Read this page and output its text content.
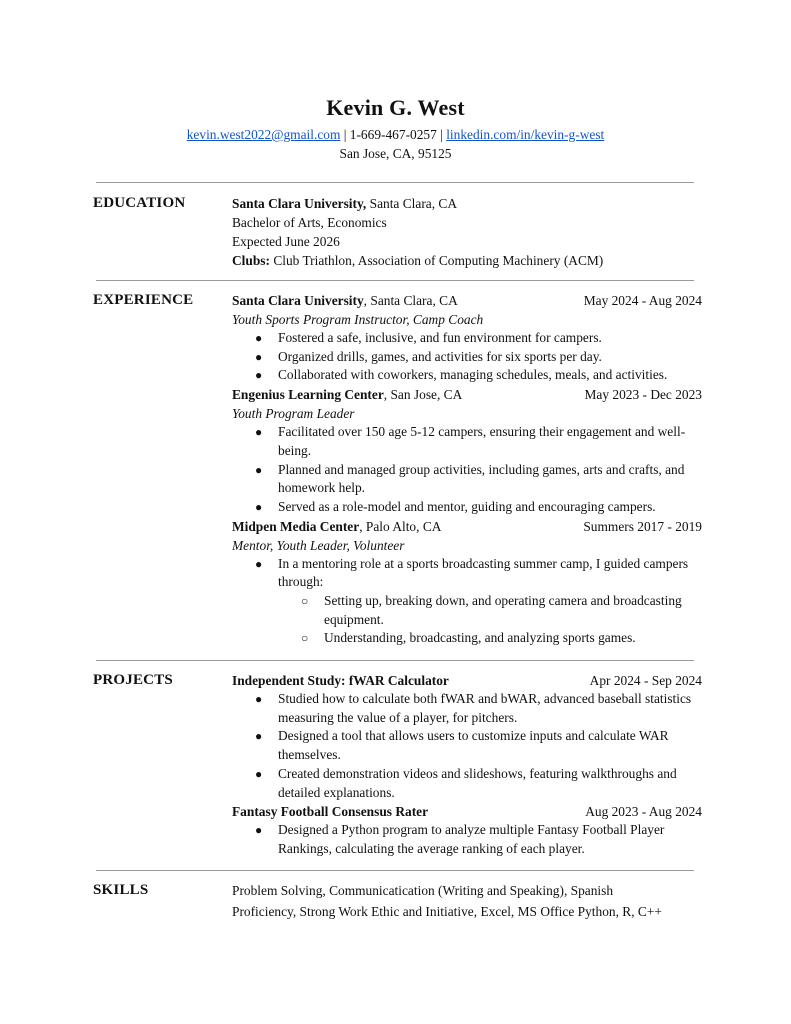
Kevin G. West
kevin.west2022@gmail.com | 1-669-467-0257 | linkedin.com/in/kevin-g-west
San Jose, CA, 95125
EDUCATION	Santa Clara University, Santa Clara, CA
Bachelor of Arts, Economics
Expected June 2026
Clubs: Club Triathlon, Association of Computing Machinery (ACM)
EXPERIENCE	Santa Clara University, Santa Clara, CA	May 2024 - Aug 2024
Youth Sports Program Instructor, Camp Coach
● Fostered a safe, inclusive, and fun environment for campers.
● Organized drills, games, and activities for six sports per day.
● Collaborated with coworkers, managing schedules, meals, and activities.
Engenius Learning Center, San Jose, CA	May 2023 - Dec 2023
Youth Program Leader
● Facilitated over 150 age 5-12 campers, ensuring their engagement and well-being.
● Planned and managed group activities, including games, arts and crafts, and homework help.
● Served as a role-model and mentor, guiding and encouraging campers.
Midpen Media Center, Palo Alto, CA	Summers 2017 - 2019
Mentor, Youth Leader, Volunteer
● In a mentoring role at a sports broadcasting summer camp, I guided campers through:
○ Setting up, breaking down, and operating camera and broadcasting equipment.
○ Understanding, broadcasting, and analyzing sports games.
PROJECTS	Independent Study: fWAR Calculator	Apr 2024 - Sep 2024
● Studied how to calculate both fWAR and bWAR, advanced baseball statistics measuring the value of a player, for pitchers.
● Designed a tool that allows users to customize inputs and calculate WAR themselves.
● Created demonstration videos and slideshows, featuring walkthroughs and detailed explanations.
Fantasy Football Consensus Rater	Aug 2023 - Aug 2024
● Designed a Python program to analyze multiple Fantasy Football Player Rankings, calculating the average ranking of each player.
SKILLS	Problem Solving, Communicatication (Writing and Speaking), Spanish
Proficiency, Strong Work Ethic and Initiative, Excel, MS Office Python, R, C++
